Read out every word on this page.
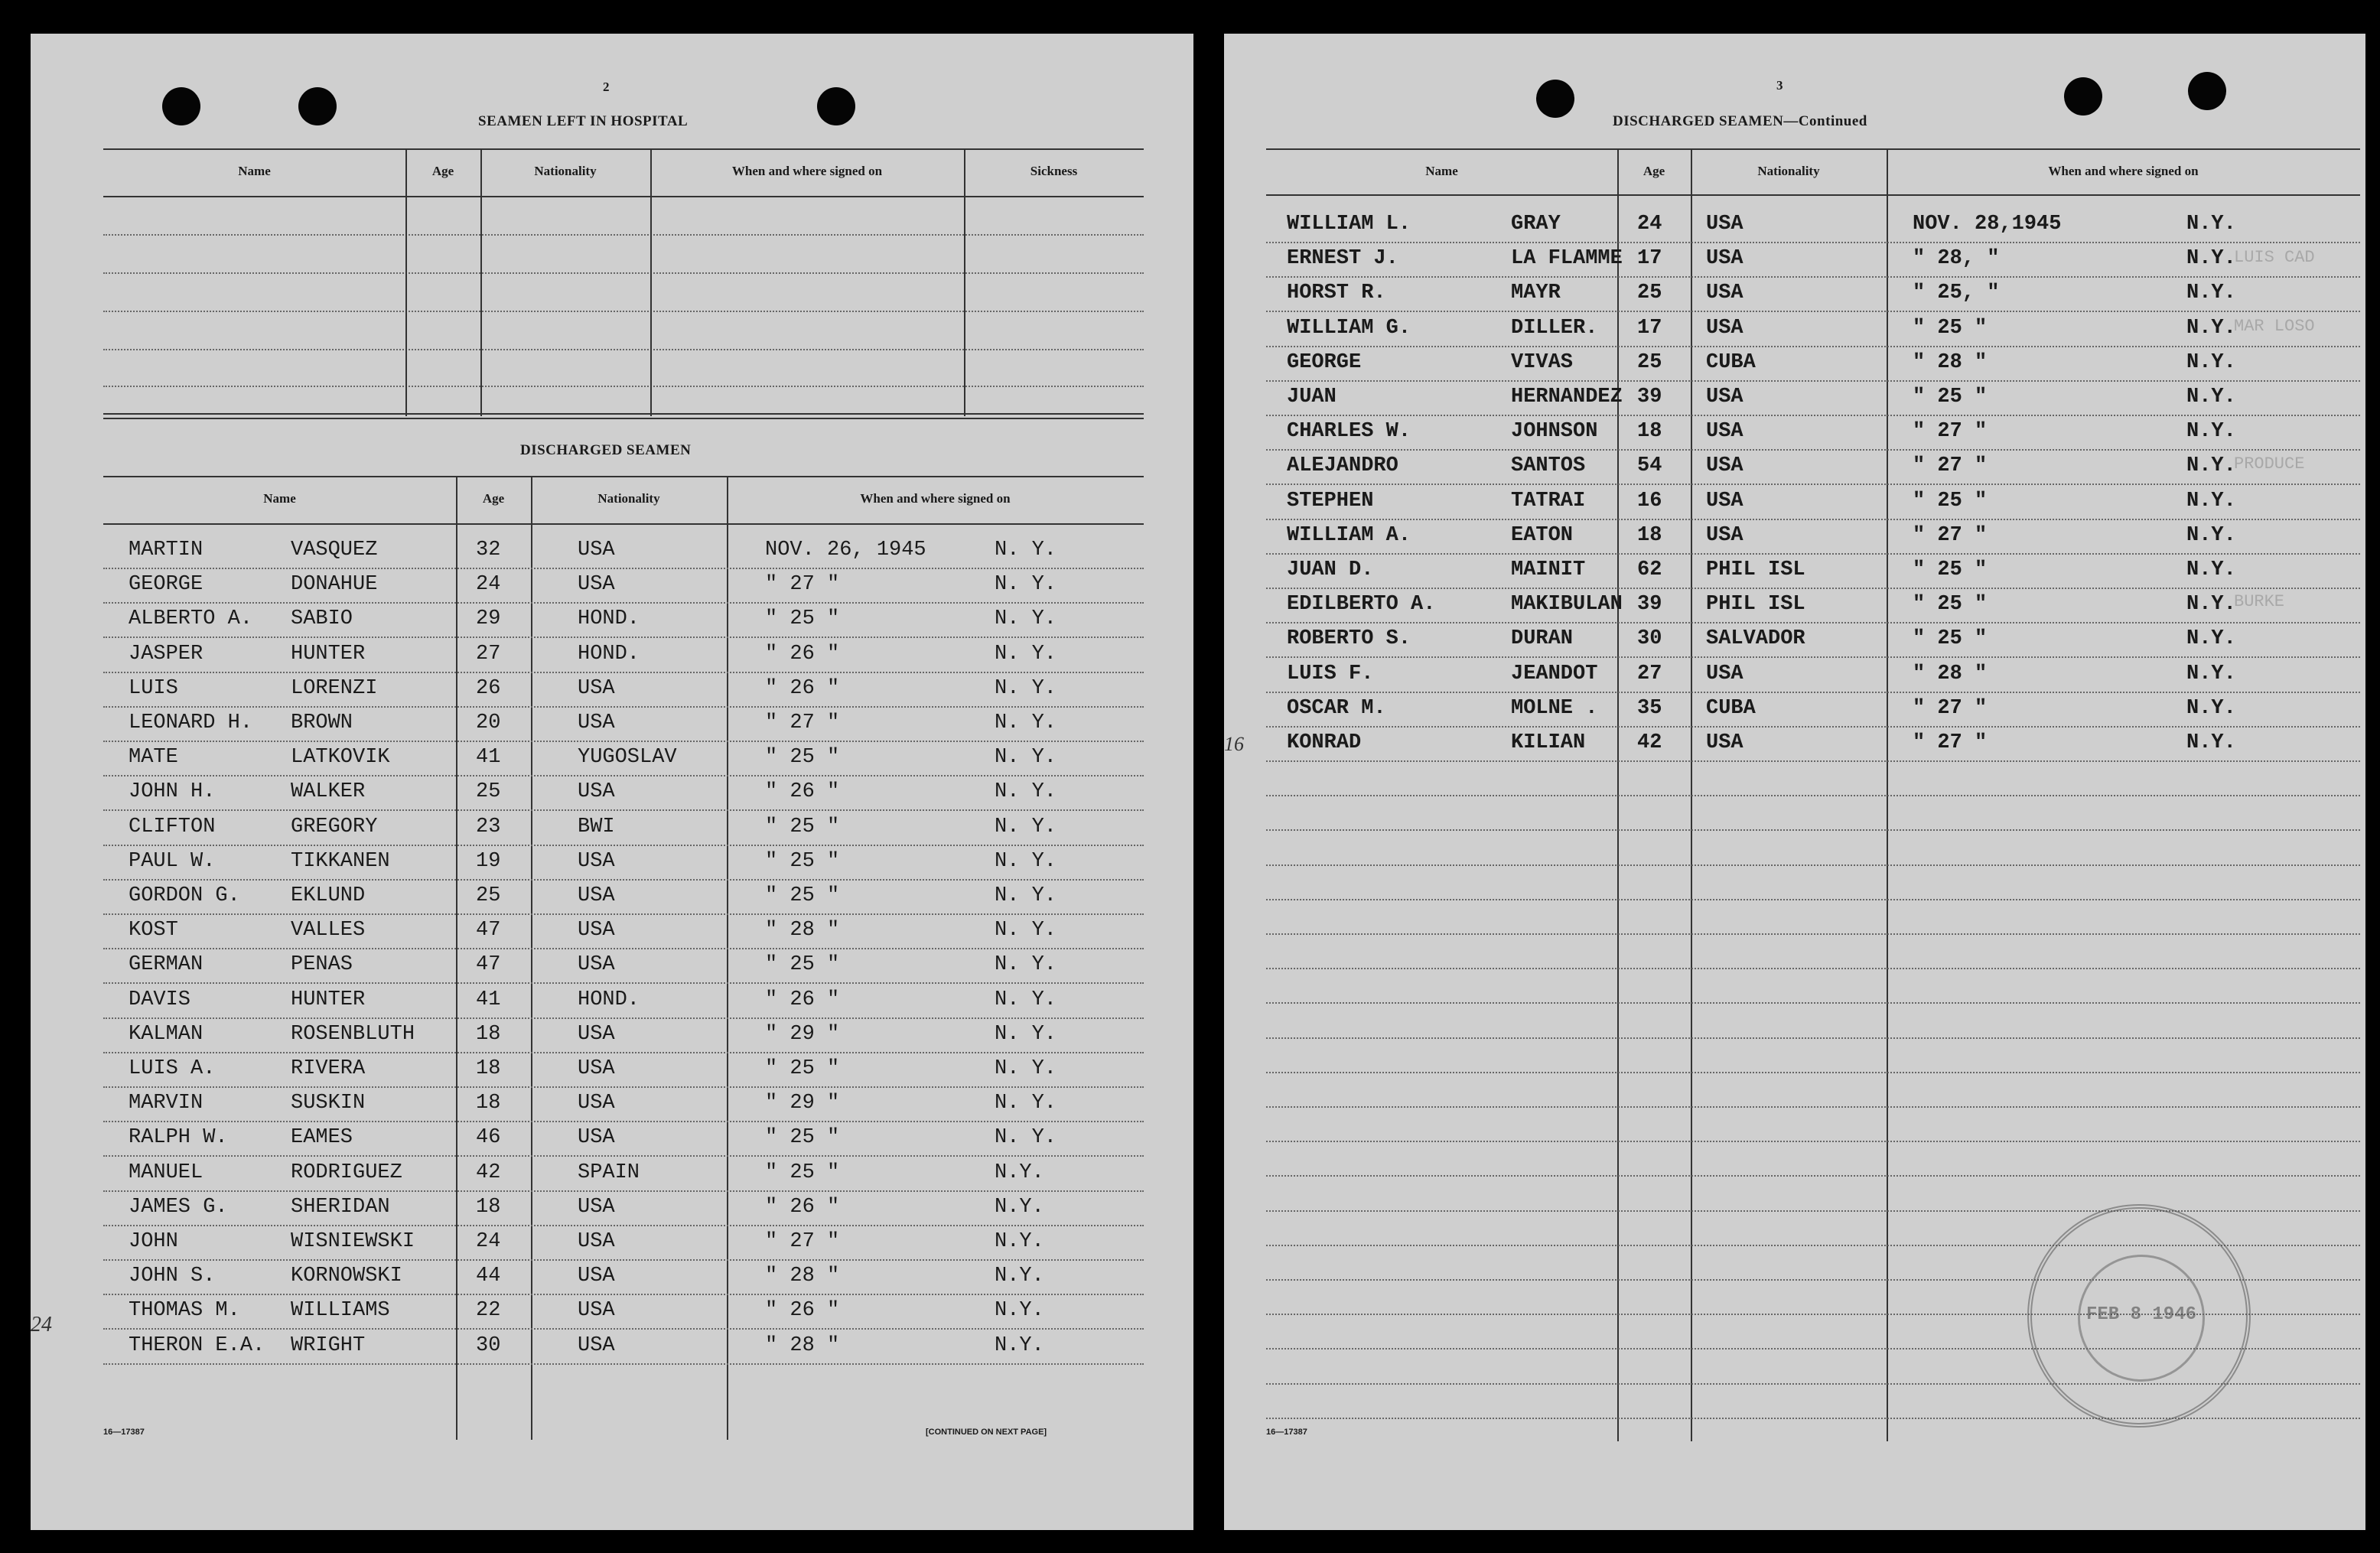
2
SEAMEN LEFT IN HOSPITAL
Name	Age	Nationality	When and where signed on	Sickness
DISCHARGED SEAMEN
Name	Age	Nationality	When and where signed on
MARTIN	VASQUEZ	32	USA	NOV. 26, 1945	N. Y.
GEORGE	DONAHUE	24	USA	" 27 "	N. Y.
ALBERTO A. SABIO	29	HOND.	" 25 "	N. Y.
JASPER	HUNTER	27	HOND.	" 26 "	N. Y.
LUIS	LORENZI	26	USA	" 26 "	N. Y.
LEONARD H. BROWN	20	USA	" 27 "	N. Y.
MATE	LATKOVIK	41	YUGOSLAV	" 25 "	N. Y.
JOHN H.	WALKER	25	USA	" 26 "	N. Y.
CLIFTON	GREGORY	23	BWI	" 25 "	N. Y.
PAUL W.	TIKKANEN	19	USA	" 25 "	N. Y.
GORDON G. EKLUND	25	USA	" 25 "	N. Y.
KOST	VALLES	47	USA	" 28 "	N. Y.
GERMAN	PENAS	47	USA	" 25 "	N. Y.
DAVIS	HUNTER	41	HOND.	" 26 "	N. Y.
KALMAN	ROSENBLUTH	18	USA	" 29 "	N. Y.
LUIS A.	RIVERA	18	USA	" 25 "	N. Y.
MARVIN	SUSKIN	18	USA	" 29 "	N. Y.
RALPH W.	EAMES	46	USA	" 25 "	N. Y.
MANUEL	RODRIGUEZ	42	SPAIN	" 25 "	N.Y.
JAMES G.	SHERIDAN	18	USA	" 26 "	N.Y.
JOHN	WISNIEWSKI	24	USA	" 27 "	N.Y.
JOHN S.	KORNOWSKI	44	USA	" 28 "	N.Y.
THOMAS M. WILLIAMS	22	USA	" 26 "	N.Y.
THERON E.A. WRIGHT	30	USA	" 28 "	N.Y.
16—17387	[CONTINUED ON NEXT PAGE]
24
3
DISCHARGED SEAMEN—Continued
Name	Age	Nationality	When and where signed on
WILLIAM L.	GRAY	24 USA	NOV. 28,1945	N.Y.
ERNEST J.	LA FLAMME 17 USA	" 28, "	N.Y.
HORST R.	MAYR	25 USA	" 25, "	N.Y.
WILLIAM G.	DILLER. 17 USA	" 25 "	N.Y.
GEORGE	VIVAS	25 CUBA	" 28 "	N.Y.
JUAN	HERNANDEZ 39 USA	" 25 "	N.Y.
CHARLES W.	JOHNSON 18 USA	" 27 "	N.Y.
ALEJANDRO	SANTOS	54 USA	" 27 "	N.Y.
STEPHEN	TATRAI	16 USA	" 25 "	N.Y.
WILLIAM A.	EATON	18 USA	" 27 "	N.Y.
JUAN D.	MAINIT	62 PHIL ISL	" 25 "	N.Y.
EDILBERTO A.	MAKIBULAN 39 PHIL ISL	" 25 "	N.Y.
ROBERTO S.	DURAN	30 SALVADOR	" 25 "	N.Y.
LUIS F.	JEANDOT 27 USA	" 28 "	N.Y.
OSCAR M.	MOLNE . 35 CUBA	" 27 "	N.Y.
KONRAD	KILIAN	42 USA	" 27 "	N.Y.
LUIS CAD
MAR LOSO
PRODUCE
BURKE
FEB 8 1946
16—17387
16
